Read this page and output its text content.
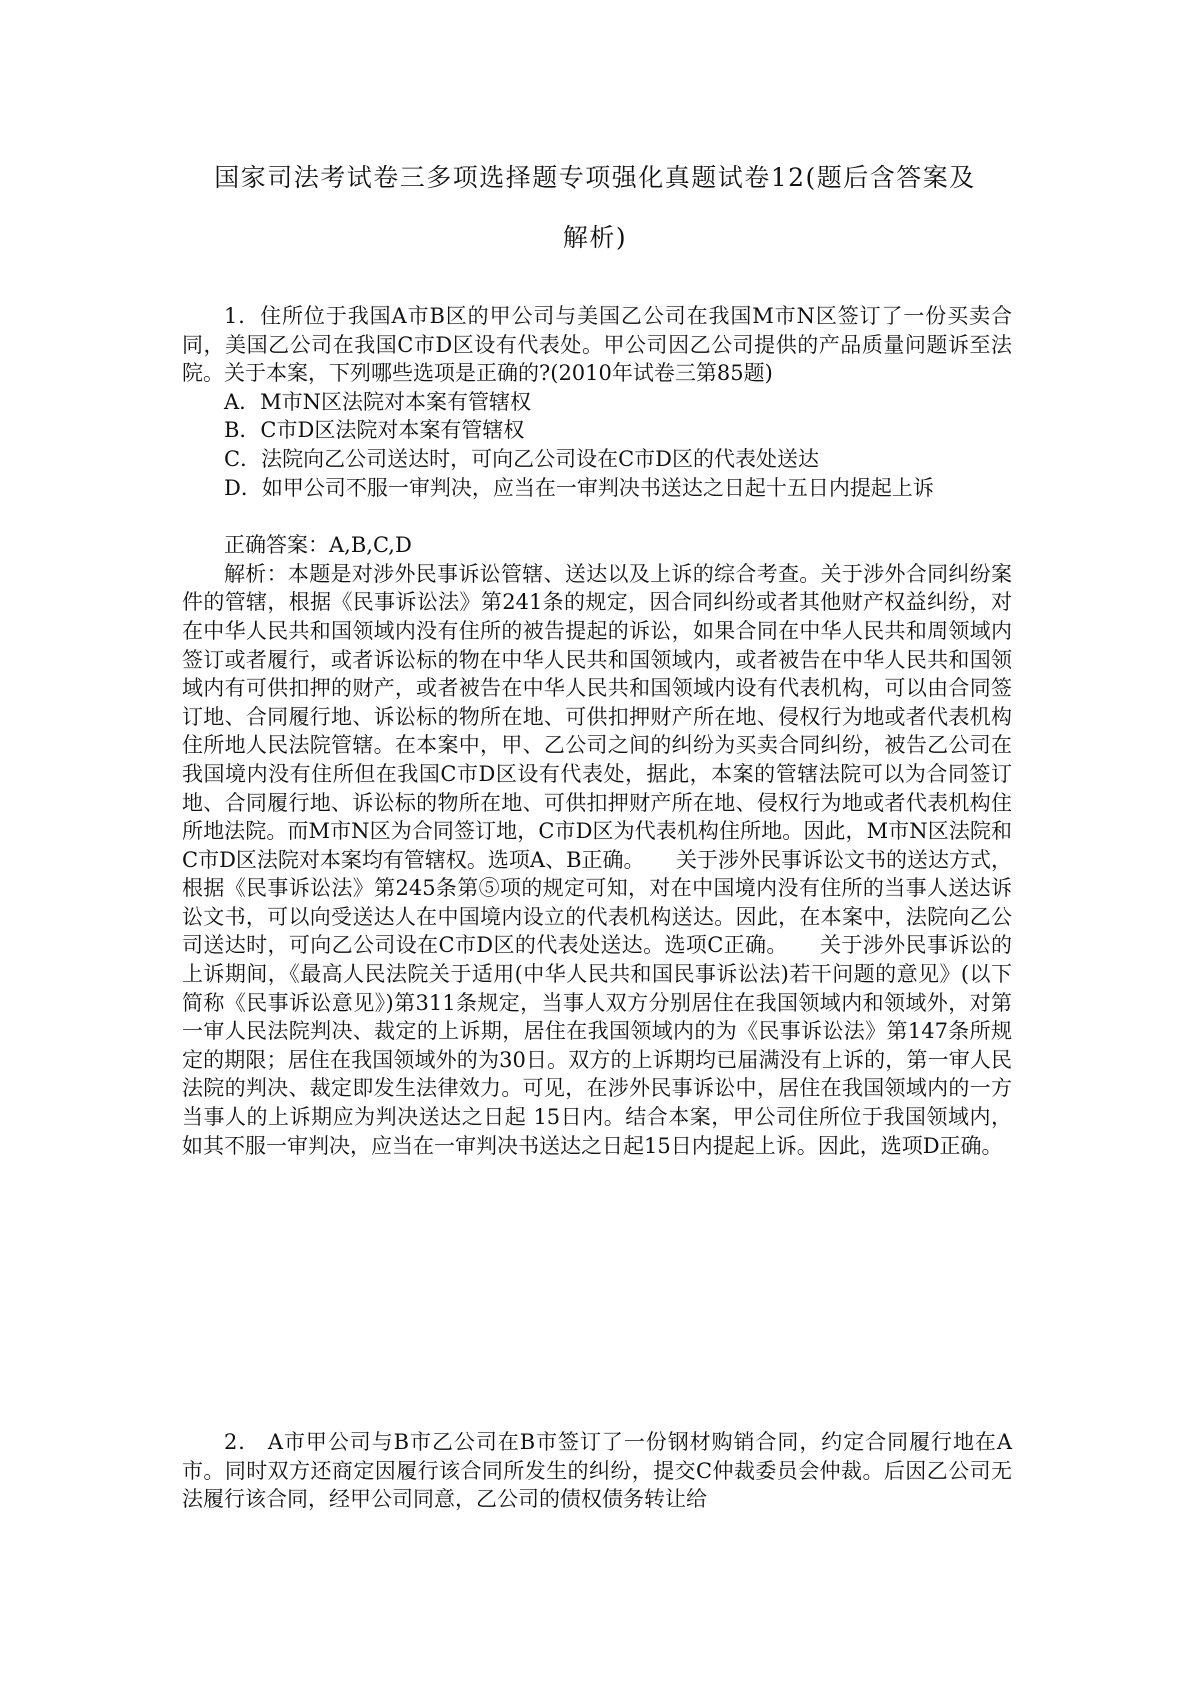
国家司法考试卷三多项选择题专项强化真题试卷12(题后含答案及
解析)

1．住所位于我国A市B区的甲公司与美国乙公司在我国M市N区签订了一份买卖合同，美国乙公司在我国C市D区设有代表处。甲公司因乙公司提供的产品质量问题诉至法院。关于本案，下列哪些选项是正确的?(2010年试卷三第85题)

A．M市N区法院对本案有管辖权

B．C市D区法院对本案有管辖权

C．法院向乙公司送达时，可向乙公司设在C市D区的代表处送达

D．如甲公司不服一审判决，应当在一审判决书送达之日起十五日内提起上诉

正确答案：A,B,C,D

解析：本题是对涉外民事诉讼管辖、送达以及上诉的综合考查。关于涉外合同纠纷案件的管辖，根据《民事诉讼法》第241条的规定，因合同纠纷或者其他财产权益纠纷，对在中华人民共和国领域内没有住所的被告提起的诉讼，如果合同在中华人民共和周领域内签订或者履行，或者诉讼标的物在中华人民共和国领域内，或者被告在中华人民共和国领域内有可供扣押的财产，或者被告在中华人民共和国领域内设有代表机构，可以由合同签订地、合同履行地、诉讼标的物所在地、可供扣押财产所在地、侵权行为地或者代表机构住所地人民法院管辖。在本案中，甲、乙公司之间的纠纷为买卖合同纠纷，被告乙公司在我国境内没有住所但在我国C市D区设有代表处，据此，本案的管辖法院可以为合同签订地、合同履行地、诉讼标的物所在地、可供扣押财产所在地、侵权行为地或者代表机构住所地法院。而M市N区为合同签订地，C市D区为代表机构住所地。因此，M市N区法院和C市D区法院对本案均有管辖权。选项A、B正确。　　关于涉外民事诉讼文书的送达方式，根据《民事诉讼法》第245条第⑤项的规定可知，对在中国境内没有住所的当事人送达诉讼文书，可以向受送达人在中国境内设立的代表机构送达。因此，在本案中，法院向乙公司送达时，可向乙公司设在C市D区的代表处送达。选项C正确。　　关于涉外民事诉讼的上诉期间，《最高人民法院关于适用(中华人民共和国民事诉讼法)若干问题的意见》(以下简称《民事诉讼意见》)第311条规定，当事人双方分别居住在我国领域内和领域外，对第一审人民法院判决、裁定的上诉期，居住在我国领域内的为《民事诉讼法》第147条所规定的期限；居住在我国领域外的为30日。双方的上诉期均已届满没有上诉的，第一审人民法院的判决、裁定即发生法律效力。可见，在涉外民事诉讼中，居住在我国领域内的一方当事人的上诉期应为判决送达之日起 15日内。结合本案，甲公司住所位于我国领域内，如其不服一审判决，应当在一审判决书送达之日起15日内提起上诉。因此，选项D正确。

2． A市甲公司与B市乙公司在B市签订了一份钢材购销合同，约定合同履行地在A市。同时双方还商定因履行该合同所发生的纠纷，提交C仲裁委员会仲裁。后因乙公司无法履行该合同，经甲公司同意，乙公司的债权债务转让给
